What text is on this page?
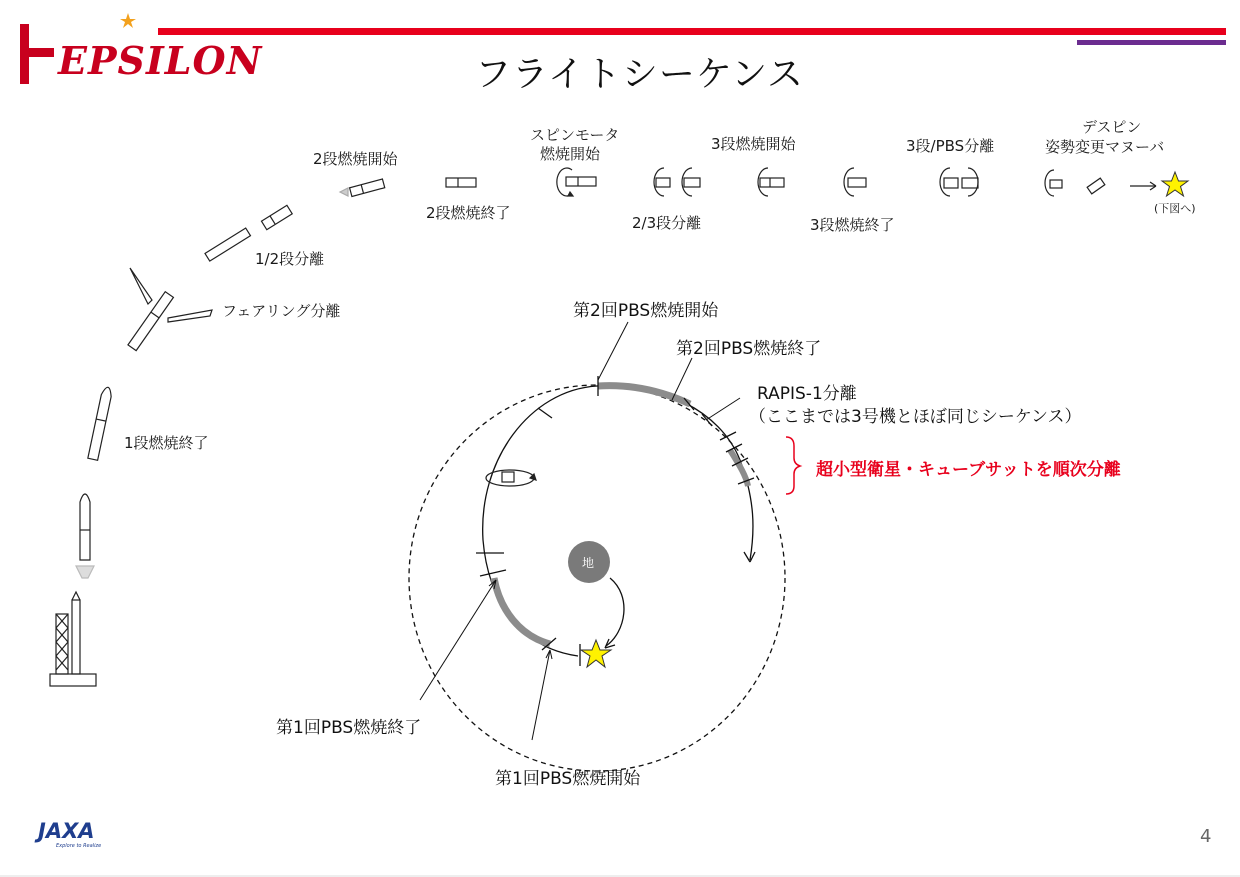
EPSILON	フライトシーケンス
1段燃焼終了
フェアリング分離
1/2段分離
2段燃焼開始
2段燃焼終了
スピンモータ
燃焼開始
2/3段分離
3段燃焼開始
3段燃焼終了
3段/PBS分離
デスピン
姿勢変更マヌーバ
(下図へ)
第2回PBS燃焼開始
第2回PBS燃焼終了
RAPIS-1分離
（ここまでは3号機とほぼ同じシーケンス）
超小型衛星・キューブサットを順次分離
地
第1回PBS燃焼終了
第1回PBS燃焼開始
JAXA
Explore to Realize	4
